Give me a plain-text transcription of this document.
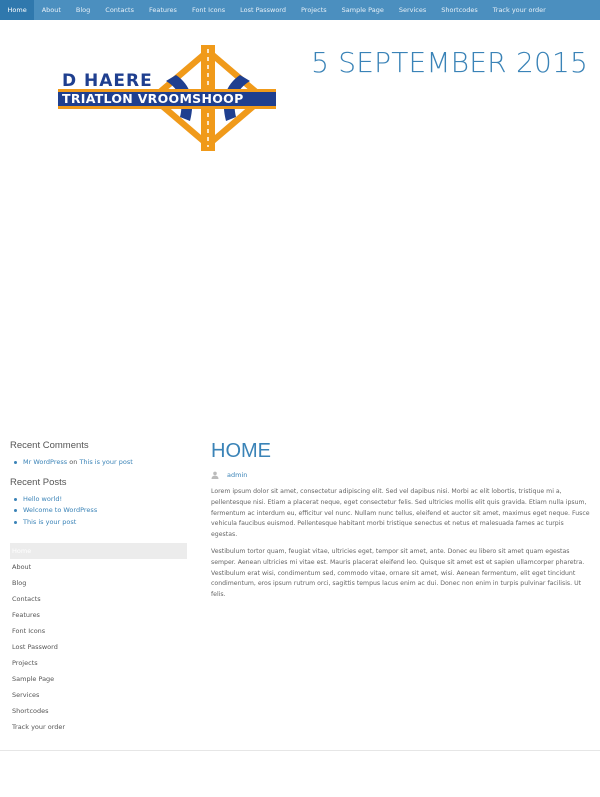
Home	About	Blog	Contacts	Features	Font Icons	Lost Password	Projects	Sample Page	Services	Shortcodes	Track your order
D HAERE
TRIATLON VROOMSHOOP
5 SEPTEMBER 2015
Recent Comments
Mr WordPress on This is your post
Recent Posts
Hello world!
Welcome to WordPress
This is your post
Home
About
Blog
Contacts
Features
Font Icons
Lost Password
Projects
Sample Page
Services
Shortcodes
Track your order
HOME
admin

Lorem ipsum dolor sit amet, consectetur adipiscing elit. Sed vel dapibus nisi. Morbi ac elit lobortis, tristique mi a, pellentesque nisi. Etiam a placerat neque, eget consectetur felis. Sed ultricies mollis elit quis gravida. Etiam nulla ipsum, fermentum ac interdum eu, efficitur vel nunc. Nullam nunc tellus, eleifend et auctor sit amet, maximus eget neque. Fusce vehicula faucibus euismod. Pellentesque habitant morbi tristique senectus et netus et malesuada fames ac turpis egestas.

Vestibulum tortor quam, feugiat vitae, ultricies eget, tempor sit amet, ante. Donec eu libero sit amet quam egestas semper. Aenean ultricies mi vitae est. Mauris placerat eleifend leo. Quisque sit amet est et sapien ullamcorper pharetra. Vestibulum erat wisi, condimentum sed, commodo vitae, ornare sit amet, wisi. Aenean fermentum, elit eget tincidunt condimentum, eros ipsum rutrum orci, sagittis tempus lacus enim ac dui. Donec non enim in turpis pulvinar facilisis. Ut felis.
